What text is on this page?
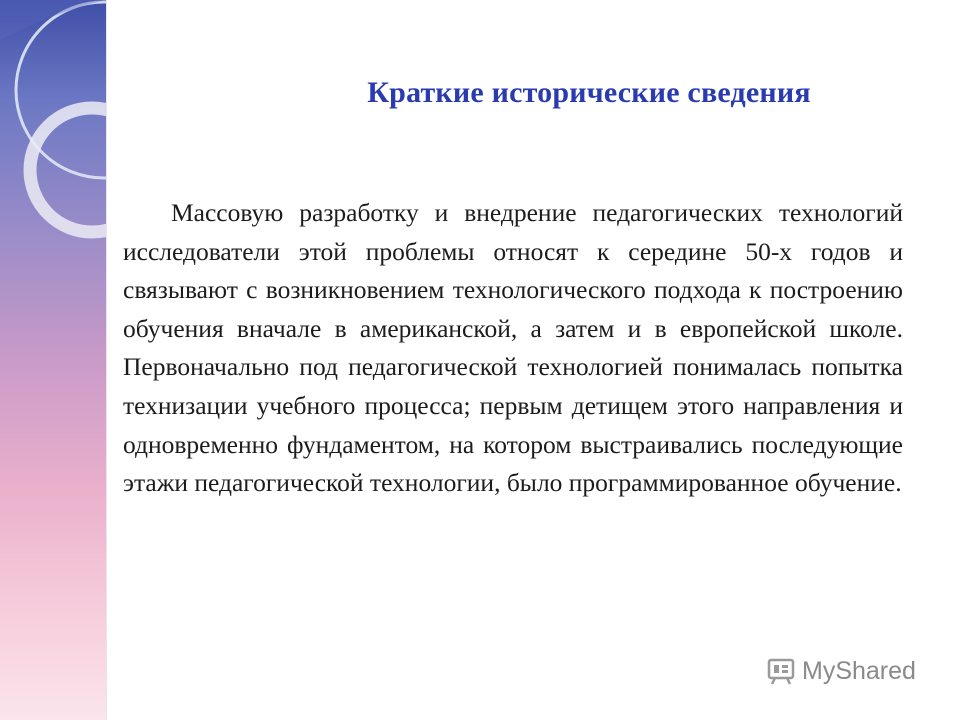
Краткие исторические сведения
Массовую разработку и внедрение педагогических технологий исследователи этой проблемы относят к середине 50-х годов и связывают с возникновением технологического подхода к построению обучения вначале в американской, а затем и в европейской школе. Первоначально под педагогической технологией понималась попытка технизации учебного процесса; первым детищем этого направления и одновременно фундаментом, на котором выстраивались последующие этажи педагогической технологии, было программированное обучение.
MyShared
